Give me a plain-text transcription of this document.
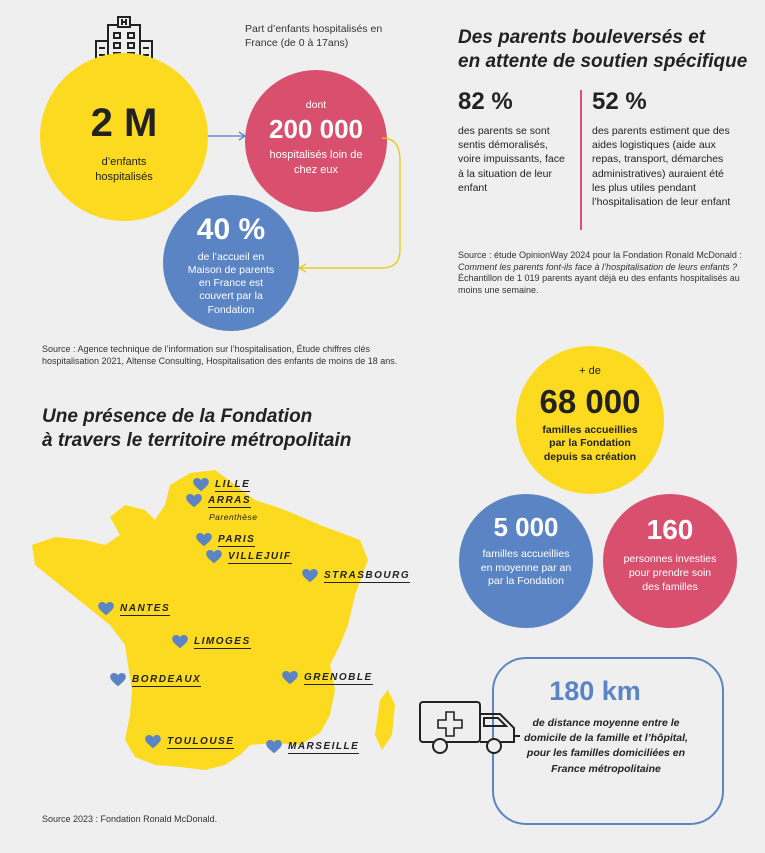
2 M
d’enfants hospitalisés
Part d’enfants hospitalisés en France (de 0 à 17ans)
dont
200 000
hospitalisés loin de chez eux
40 %
de l’accueil en Maison de parents en France est couvert par la Fondation
Source : Agence technique de l’information sur l’hospitalisation, Étude chiffres clés hospitalisation 2021, Altense Consulting, Hospitalisation des enfants de moins de 18 ans.
Des parents bouleversés et
en attente de soutien spécifique
82 %
des parents se sont sentis démoralisés, voire impuissants, face à la situation de leur enfant
52 %
des parents estiment que des aides logistiques (aide aux repas, transport, démarches administratives) auraient été les plus utiles pendant l’hospitalisation de leur enfant
Source : étude OpinionWay 2024 pour la Fondation Ronald McDonald : Comment les parents font-ils face à l’hospitalisation de leurs enfants ? Échantillon de 1 019 parents ayant déjà eu des enfants hospitalisés au moins une semaine.
Une présence de la Fondation
à travers le territoire métropolitain
LILLE
ARRAS
Parenthèse
PARIS
VILLEJUIF
STRASBOURG
NANTES
LIMOGES
BORDEAUX	GRENOBLE
TOULOUSE	MARSEILLE
Source 2023 : Fondation Ronald McDonald.
+ de
68 000
familles accueillies par la Fondation depuis sa création
5 000
familles accueillies en moyenne par an par la Fondation
160
personnes investies pour prendre soin des familles
180 km
de distance moyenne entre le domicile de la famille et l’hôpital, pour les familles domiciliées en France métropolitaine
